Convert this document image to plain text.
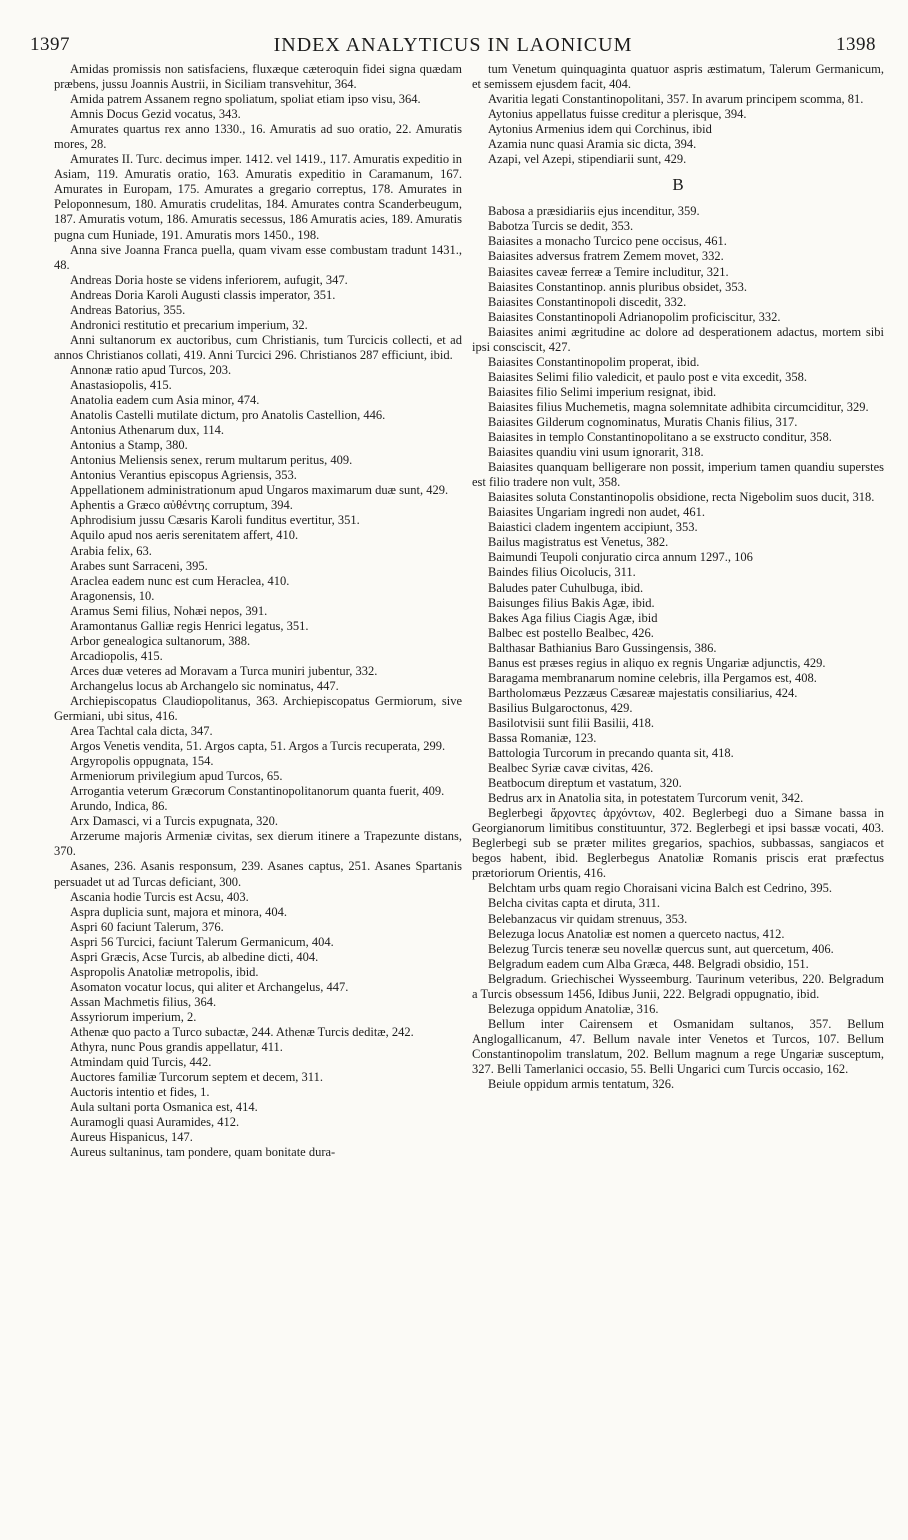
1397	INDEX ANALYTICUS IN LAONICUM	1398

Amidas promissis non satisfaciens, fluxæque cæteroquin fidei signa quædam præbens, jussu Joannis Austrii, in Siciliam transvehitur, 364.

Amida patrem Assanem regno spoliatum, spoliat etiam ipso visu, 364.

Amnis Docus Gezid vocatus, 343.

Amurates quartus rex anno 1330., 16. Amuratis ad suo oratio, 22. Amuratis mores, 28.

Amurates II. Turc. decimus imper. 1412. vel 1419., 117. Amuratis expeditio in Asiam, 119. Amuratis oratio, 163. Amuratis expeditio in Caramanum, 167. Amurates in Europam, 175. Amurates a gregario correptus, 178. Amurates in Peloponnesum, 180. Amuratis crudelitas, 184. Amurates contra Scanderbeugum, 187. Amuratis votum, 186. Amuratis secessus, 186 Amuratis acies, 189. Amuratis pugna cum Huniade, 191. Amuratis mors 1450., 198.

Anna sive Joanna Franca puella, quam vivam esse combustam tradunt 1431., 48.

Andreas Doria hoste se videns inferiorem, aufugit, 347.

Andreas Doria Karoli Augusti classis imperator, 351.

Andreas Batorius, 355.

Andronici restitutio et precarium imperium, 32.

Anni sultanorum ex auctoribus, cum Christianis, tum Turcicis collecti, et ad annos Christianos collati, 419. Anni Turcici 296. Christianos 287 efficiunt, ibid.

Annonæ ratio apud Turcos, 203.

Anastasiopolis, 415.

Anatolia eadem cum Asia minor, 474.

Anatolis Castelli mutilate dictum, pro Anatolis Castellion, 446.

Antonius Athenarum dux, 114.

Antonius a Stamp, 380.

Antonius Meliensis senex, rerum multarum peritus, 409.

Antonius Verantius episcopus Agriensis, 353.

Appellationem administrationum apud Ungaros maximarum duæ sunt, 429.

Aphentis a Græco αὐθέντης corruptum, 394.

Aphrodisium jussu Cæsaris Karoli funditus evertitur, 351.

Aquilo apud nos aeris serenitatem affert, 410.

Arabia felix, 63.

Arabes sunt Sarraceni, 395.

Araclea eadem nunc est cum Heraclea, 410.

Aragonensis, 10.

Aramus Semi filius, Nohæi nepos, 391.

Aramontanus Galliæ regis Henrici legatus, 351.

Arbor genealogica sultanorum, 388.

Arcadiopolis, 415.

Arces duæ veteres ad Moravam a Turca muniri jubentur, 332.

Archangelus locus ab Archangelo sic nominatus, 447.

Archiepiscopatus Claudiopolitanus, 363. Archiepiscopatus Germiorum, sive Germiani, ubi situs, 416.

Area Tachtal cala dicta, 347.

Argos Venetis vendita, 51. Argos capta, 51. Argos a Turcis recuperata, 299.

Argyropolis oppugnata, 154.

Armeniorum privilegium apud Turcos, 65.

Arrogantia veterum Græcorum Constantinopolitanorum quanta fuerit, 409.

Arundo, Indica, 86.

Arx Damasci, vi a Turcis expugnata, 320.

Arzerume majoris Armeniæ civitas, sex dierum itinere a Trapezunte distans, 370.

Asanes, 236. Asanis responsum, 239. Asanes captus, 251. Asanes Spartanis persuadet ut ad Turcas deficiant, 300.

Ascania hodie Turcis est Acsu, 403.

Aspra duplicia sunt, majora et minora, 404.

Aspri 60 faciunt Talerum, 376.

Aspri 56 Turcici, faciunt Talerum Germanicum, 404.

Aspri Græcis, Acse Turcis, ab albedine dicti, 404.

Aspropolis Anatoliæ metropolis, ibid.

Asomaton vocatur locus, qui aliter et Archangelus, 447.

Assan Machmetis filius, 364.

Assyriorum imperium, 2.

Athenæ quo pacto a Turco subactæ, 244. Athenæ Turcis deditæ, 242.

Athyra, nunc Pous grandis appellatur, 411.

Atmindam quid Turcis, 442.

Auctores familiæ Turcorum septem et decem, 311.

Auctoris intentio et fides, 1.

Aula sultani porta Osmanica est, 414.

Auramogli quasi Auramides, 412.

Aureus Hispanicus, 147.

Aureus sultaninus, tam pondere, quam bonitate dura-

tum Venetum quinquaginta quatuor aspris æstimatum, Talerum Germanicum, et semissem ejusdem facit, 404.

Avaritia legati Constantinopolitani, 357. In avarum principem scomma, 81.

Aytonius appellatus fuisse creditur a plerisque, 394.

Aytonius Armenius idem qui Corchinus, ibid

Azamia nunc quasi Aramia sic dicta, 394.

Azapi, vel Azepi, stipendiarii sunt, 429.

B

Babosa a præsidiariis ejus incenditur, 359.

Babotza Turcis se dedit, 353.

Baiasites a monacho Turcico pene occisus, 461.

Baiasites adversus fratrem Zemem movet, 332.

Baiasites caveæ ferreæ a Temire includitur, 321.

Baiasites Constantinop. annis pluribus obsidet, 353.

Baiasites Constantinopoli discedit, 332.

Baiasites Constantinopoli Adrianopolim proficiscitur, 332.

Baiasites animi ægritudine ac dolore ad desperationem adactus, mortem sibi ipsi consciscit, 427.

Baiasites Constantinopolim properat, ibid.

Baiasites Selimi filio valedicit, et paulo post e vita excedit, 358.

Baiasites filio Selimi imperium resignat, ibid.

Baiasites filius Muchemetis, magna solemnitate adhibita circumciditur, 329.

Baiasites Gilderum cognominatus, Muratis Chanis filius, 317.

Baiasites in templo Constantinopolitano a se exstructo conditur, 358.

Baiasites quandiu vini usum ignorarit, 318.

Baiasites quanquam belligerare non possit, imperium tamen quandiu superstes est filio tradere non vult, 358.

Baiasites soluta Constantinopolis obsidione, recta Nigebolim suos ducit, 318.

Baiasites Ungariam ingredi non audet, 461.

Baiastici cladem ingentem accipiunt, 353.

Bailus magistratus est Venetus, 382.

Baimundi Teupoli conjuratio circa annum 1297., 106

Baindes filius Oicolucis, 311.

Baludes pater Cuhulbuga, ibid.

Baisunges filius Bakis Agæ, ibid.

Bakes Aga filius Ciagis Agæ, ibid

Balbec est postello Bealbec, 426.

Balthasar Bathianius Baro Gussingensis, 386.

Banus est præses regius in aliquo ex regnis Ungariæ adjunctis, 429.

Baragama membranarum nomine celebris, illa Pergamos est, 408.

Bartholomæus Pezzæus Cæsareæ majestatis consiliarius, 424.

Basilius Bulgaroctonus, 429.

Basilotvisii sunt filii Basilii, 418.

Bassa Romaniæ, 123.

Battologia Turcorum in precando quanta sit, 418.

Bealbec Syriæ cavæ civitas, 426.

Beatbocum direptum et vastatum, 320.

Bedrus arx in Anatolia sita, in potestatem Turcorum venit, 342.

Beglerbegi ἄρχοντες ἀρχόντων, 402. Beglerbegi duo a Simane bassa in Georgianorum limitibus constituuntur, 372. Beglerbegi et ipsi bassæ vocati, 403. Beglerbegi sub se præter milites gregarios, spachios, subbassas, sangiacos et begos habent, ibid. Beglerbegus Anatoliæ Romanis priscis erat præfectus prætoriorum Orientis, 416.

Belchtam urbs quam regio Choraisani vicina Balch est Cedrino, 395.

Belcha civitas capta et diruta, 311.

Belebanzacus vir quidam strenuus, 353.

Belezuga locus Anatoliæ est nomen a querceto nactus, 412.

Belezug Turcis teneræ seu novellæ quercus sunt, aut quercetum, 406.

Belgradum eadem cum Alba Græca, 448. Belgradi obsidio, 151.

Belgradum. Griechischei Wysseemburg. Taurinum veteribus, 220. Belgradum a Turcis obsessum 1456, Idibus Junii, 222. Belgradi oppugnatio, ibid.

Belezuga oppidum Anatoliæ, 316.

Bellum inter Cairensem et Osmanidam sultanos, 357. Bellum Anglogallicanum, 47. Bellum navale inter Venetos et Turcos, 107. Bellum Constantinopolim translatum, 202. Bellum magnum a rege Ungariæ susceptum, 327. Belli Tamerlanici occasio, 55. Belli Ungarici cum Turcis occasio, 162.

Beiule oppidum armis tentatum, 326.
